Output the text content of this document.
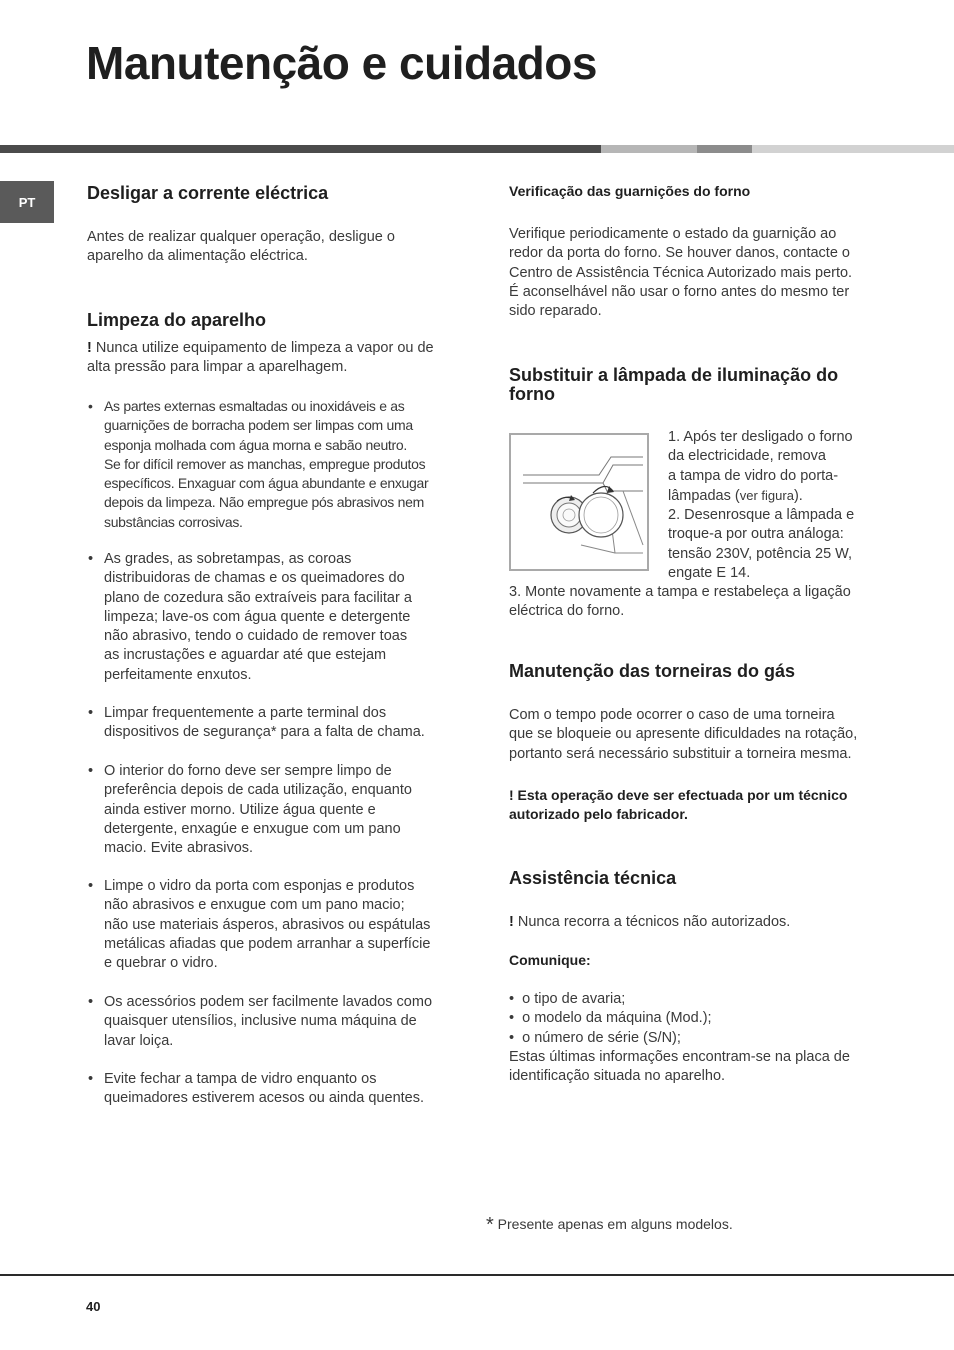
Manutenção e cuidados
PT	Desligar a corrente eléctrica
Antes de realizar qualquer operação, desligue o
aparelho da alimentação eléctrica.
Limpeza do aparelho
! Nunca utilize equipamento de limpeza a vapor ou de
alta pressão para limpar a aparelhagem.
• As partes externas esmaltadas ou inoxidáveis e as
guarnições de borracha podem ser limpas com uma
esponja molhada com água morna e sabão neutro.
Se for difícil remover as manchas, empregue produtos
específicos. Enxaguar com água abundante e enxugar
depois da limpeza. Não empregue pós abrasivos nem
substâncias corrosivas.
• As grades, as sobretampas, as coroas
distribuidoras de chamas e os queimadores do
plano de cozedura são extraíveis para facilitar a
limpeza; lave-os com água quente e detergente
não abrasivo, tendo o cuidado de remover toas
as incrustações e aguardar até que estejam
perfeitamente enxutos.
• Limpar frequentemente a parte terminal dos
dispositivos de segurança* para a falta de chama.
• O interior do forno deve ser sempre limpo de
preferência depois de cada utilização, enquanto
ainda estiver morno. Utilize água quente e
detergente, enxagúe e enxugue com um pano
macio. Evite abrasivos.
• Limpe o vidro da porta com esponjas e produtos
não abrasivos e enxugue com um pano macio;
não use materiais ásperos, abrasivos ou espátulas
metálicas afiadas que podem arranhar a superfície
e quebrar o vidro.
• Os acessórios podem ser facilmente lavados como
quaisquer utensílios, inclusive numa máquina de
lavar loiça.
• Evite fechar a tampa de vidro enquanto os
queimadores estiverem acesos ou ainda quentes.
Verificação das guarnições do forno
Verifique periodicamente o estado da guarnição ao
redor da porta do forno. Se houver danos, contacte o
Centro de Assistência Técnica Autorizado mais perto.
É aconselhável não usar o forno antes do mesmo ter
sido reparado.
Substituir a lâmpada de iluminação do
forno
1. Após ter desligado o forno
da electricidade, remova
a tampa de vidro do porta-
lâmpadas (ver figura).
2. Desenrosque a lâmpada e
troque-a por outra análoga:
tensão 230V, potência 25 W,
engate E 14.
3. Monte novamente a tampa e restabeleça a ligação
eléctrica do forno.
Manutenção das torneiras do gás
Com o tempo pode ocorrer o caso de uma torneira
que se bloqueie ou apresente dificuldades na rotação,
portanto será necessário substituir a torneira mesma.
! Esta operação deve ser efectuada por um técnico
autorizado pelo fabricador.
Assistência técnica
! Nunca recorra a técnicos não autorizados.
Comunique:
•  o tipo de avaria;
•  o modelo da máquina (Mod.);
•  o número de série (S/N);
Estas últimas informações encontram-se na placa de
identificação situada no aparelho.
* Presente apenas em alguns modelos.
40
